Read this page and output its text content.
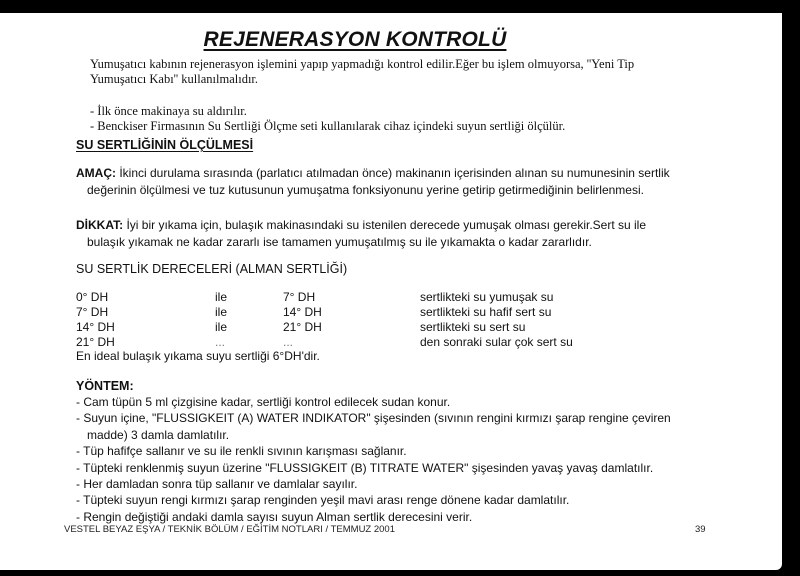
REJENERASYON KONTROLÜ
Yumuşatıcı kabının rejenerasyon işlemini yapıp yapmadığı kontrol edilir.Eğer bu işlem olmuyorsa, ''Yeni Tip
Yumuşatıcı Kabı'' kullanılmalıdır.
- İlk önce makinaya su aldırılır.
- Benckiser Firmasının Su Sertliği Ölçme seti kullanılarak cihaz içindeki suyun sertliği ölçülür.
SU SERTLİĞİNİN ÖLÇÜLMESİ
AMAÇ: İkinci durulama sırasında (parlatıcı atılmadan önce) makinanın içerisinden alınan su numunesinin sertlik
değerinin ölçülmesi ve tuz kutusunun yumuşatma fonksiyonunu yerine getirip getirmediğinin belirlenmesi.
DİKKAT: İyi bir yıkama için, bulaşık makinasındaki su istenilen derecede yumuşak olması gerekir.Sert su ile
bulaşık yıkamak ne kadar zararlı ise tamamen yumuşatılmış su ile yıkamakta o kadar zararlıdır.
SU SERTLİK DERECELERİ (ALMAN SERTLİĞİ)
0° DH	ile	7° DH	sertlikteki su yumuşak su
7° DH	ile	14° DH	sertlikteki su hafif sert su
14° DH	ile	21° DH	sertlikteki su sert su
21° DH	...	...	den sonraki sular çok sert su
En ideal bulaşık yıkama suyu sertliği 6°DH'dir.
YÖNTEM:
- Cam tüpün 5 ml çizgisine kadar, sertliği kontrol edilecek sudan konur.
- Suyun içine, "FLUSSIGKEIT (A) WATER INDIKATOR" şişesinden (sıvının rengini kırmızı şarap rengine çeviren
madde) 3 damla damlatılır.
- Tüp hafifçe sallanır ve su ile renkli sıvının karışması sağlanır.
- Tüpteki renklenmiş suyun üzerine "FLUSSIGKEIT (B) TITRATE WATER" şişesinden yavaş yavaş damlatılır.
- Her damladan sonra tüp sallanır ve damlalar sayılır.
- Tüpteki suyun rengi kırmızı şarap renginden yeşil mavi arası renge dönene kadar damlatılır.
- Rengin değiştiği andaki damla sayısı suyun Alman sertlik derecesini verir.
VESTEL BEYAZ EŞYA / TEKNİK BÖLÜM / EĞİTİM NOTLARI / TEMMUZ 2001	39
